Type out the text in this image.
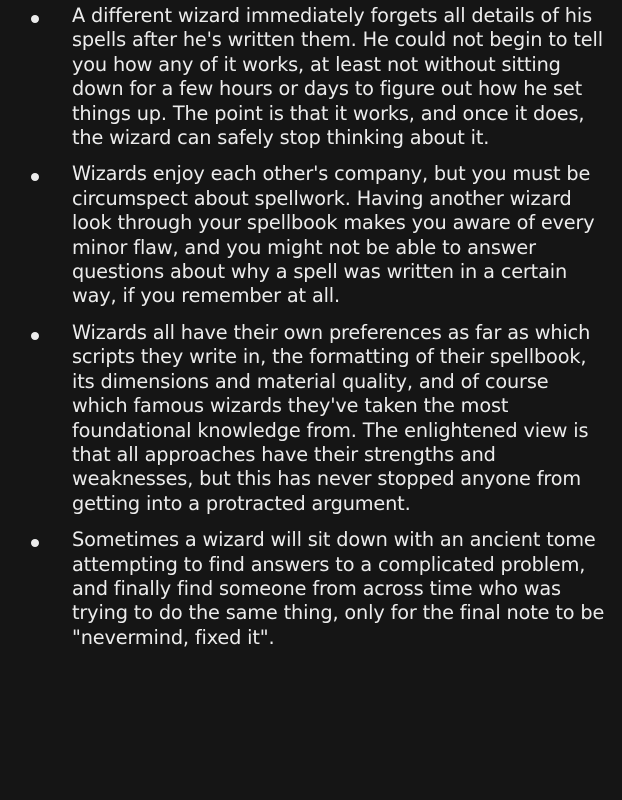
A different wizard immediately forgets all details of his spells after he's written them. He could not begin to tell you how any of it works, at least not without sitting down for a few hours or days to figure out how he set things up. The point is that it works, and once it does, the wizard can safely stop thinking about it.
Wizards enjoy each other's company, but you must be circumspect about spellwork. Having another wizard look through your spellbook makes you aware of every minor flaw, and you might not be able to answer questions about why a spell was written in a certain way, if you remember at all.
Wizards all have their own preferences as far as which scripts they write in, the formatting of their spellbook, its dimensions and material quality, and of course which famous wizards they've taken the most foundational knowledge from. The enlightened view is that all approaches have their strengths and weaknesses, but this has never stopped anyone from getting into a protracted argument.
Sometimes a wizard will sit down with an ancient tome attempting to find answers to a complicated problem, and finally find someone from across time who was trying to do the same thing, only for the final note to be "nevermind, fixed it".
